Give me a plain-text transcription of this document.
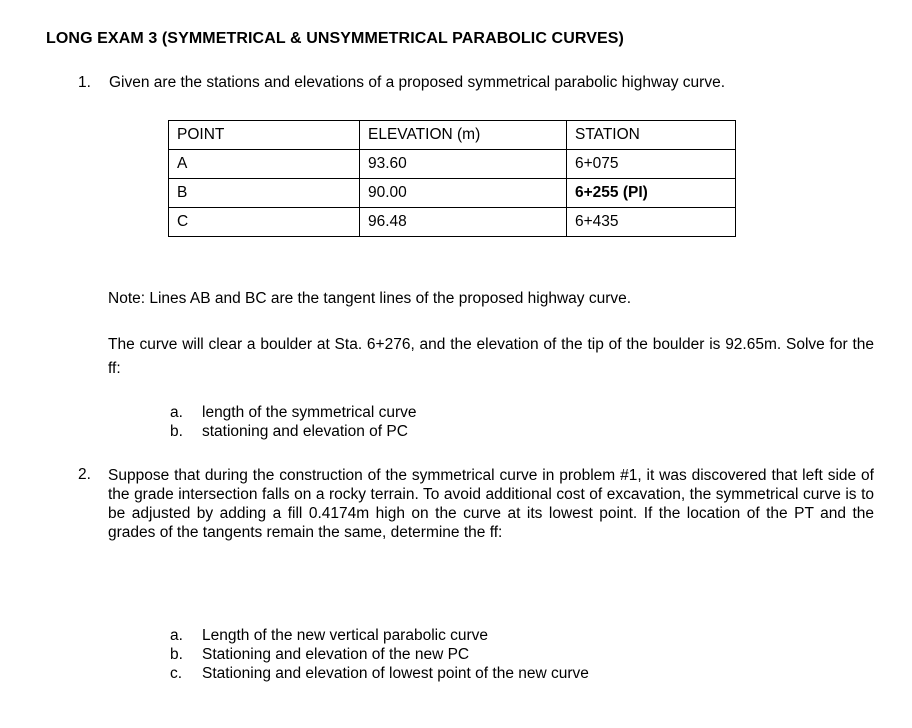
LONG EXAM 3 (SYMMETRICAL & UNSYMMETRICAL PARABOLIC CURVES)
1. Given are the stations and elevations of a proposed symmetrical parabolic highway curve.
POINT	ELEVATION (m)	STATION
A	93.60	6+075
B	90.00	6+255 (PI)
C	96.48	6+435
Note: Lines AB and BC are the tangent lines of the proposed highway curve.
The curve will clear a boulder at Sta. 6+276, and the elevation of the tip of the boulder is 92.65m. Solve for the ff:
a. length of the symmetrical curve
b. stationing and elevation of PC
2. Suppose that during the construction of the symmetrical curve in problem #1, it was discovered that left side of the grade intersection falls on a rocky terrain. To avoid additional cost of excavation, the symmetrical curve is to be adjusted by adding a fill 0.4174m high on the curve at its lowest point. If the location of the PT and the grades of the tangents remain the same, determine the ff:
a. Length of the new vertical parabolic curve
b. Stationing and elevation of the new PC
c. Stationing and elevation of lowest point of the new curve
